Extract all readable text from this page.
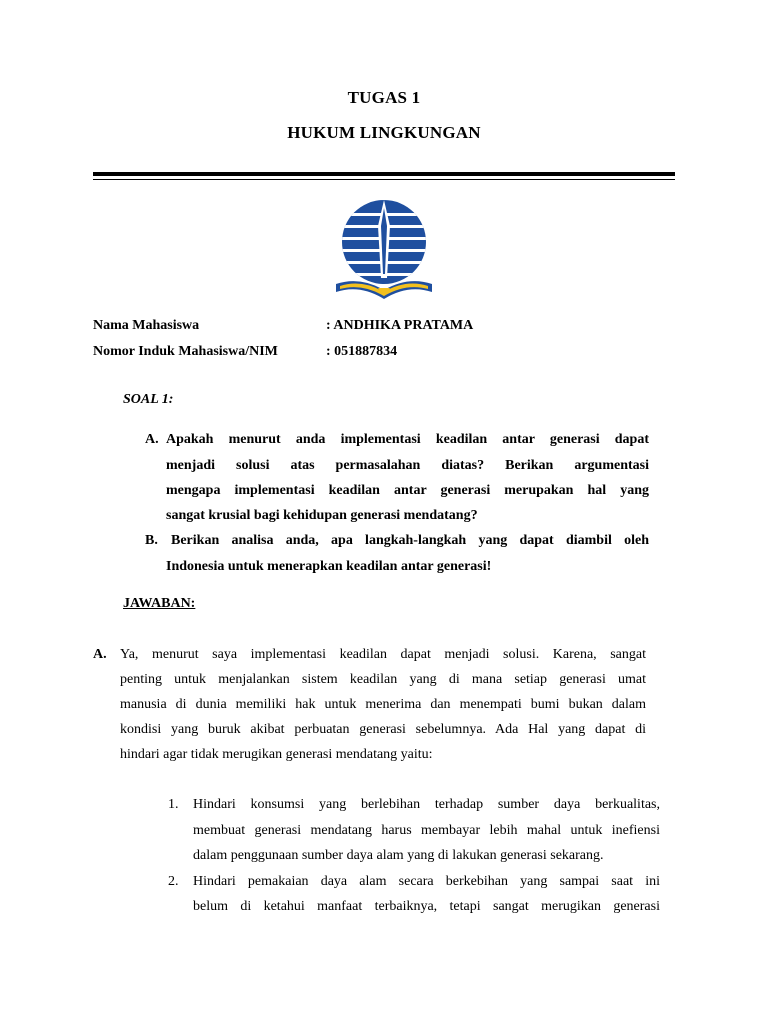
TUGAS 1
HUKUM LINGKUNGAN
Nama Mahasiswa	: ANDHIKA PRATAMA
Nomor Induk Mahasiswa/NIM	: 051887834
SOAL 1:
A. Apakah menurut anda implementasi keadilan antar generasi dapat
menjadi solusi atas permasalahan diatas? Berikan argumentasi
mengapa implementasi keadilan antar generasi merupakan hal yang
sangat krusial bagi kehidupan generasi mendatang?
B. Berikan analisa anda, apa langkah-langkah yang dapat diambil oleh
Indonesia untuk menerapkan keadilan antar generasi!
JAWABAN:
A. Ya, menurut saya implementasi keadilan dapat menjadi solusi. Karena, sangat
penting untuk menjalankan sistem keadilan yang di mana setiap generasi umat
manusia di dunia memiliki hak untuk menerima dan menempati bumi bukan dalam
kondisi yang buruk akibat perbuatan generasi sebelumnya. Ada Hal yang dapat di
hindari agar tidak merugikan generasi mendatang yaitu:
1. Hindari konsumsi yang berlebihan terhadap sumber daya berkualitas,
membuat generasi mendatang harus membayar lebih mahal untuk inefiensi
dalam penggunaan sumber daya alam yang di lakukan generasi sekarang.
2. Hindari pemakaian daya alam secara berkebihan yang sampai saat ini
belum di ketahui manfaat terbaiknya, tetapi sangat merugikan generasi
